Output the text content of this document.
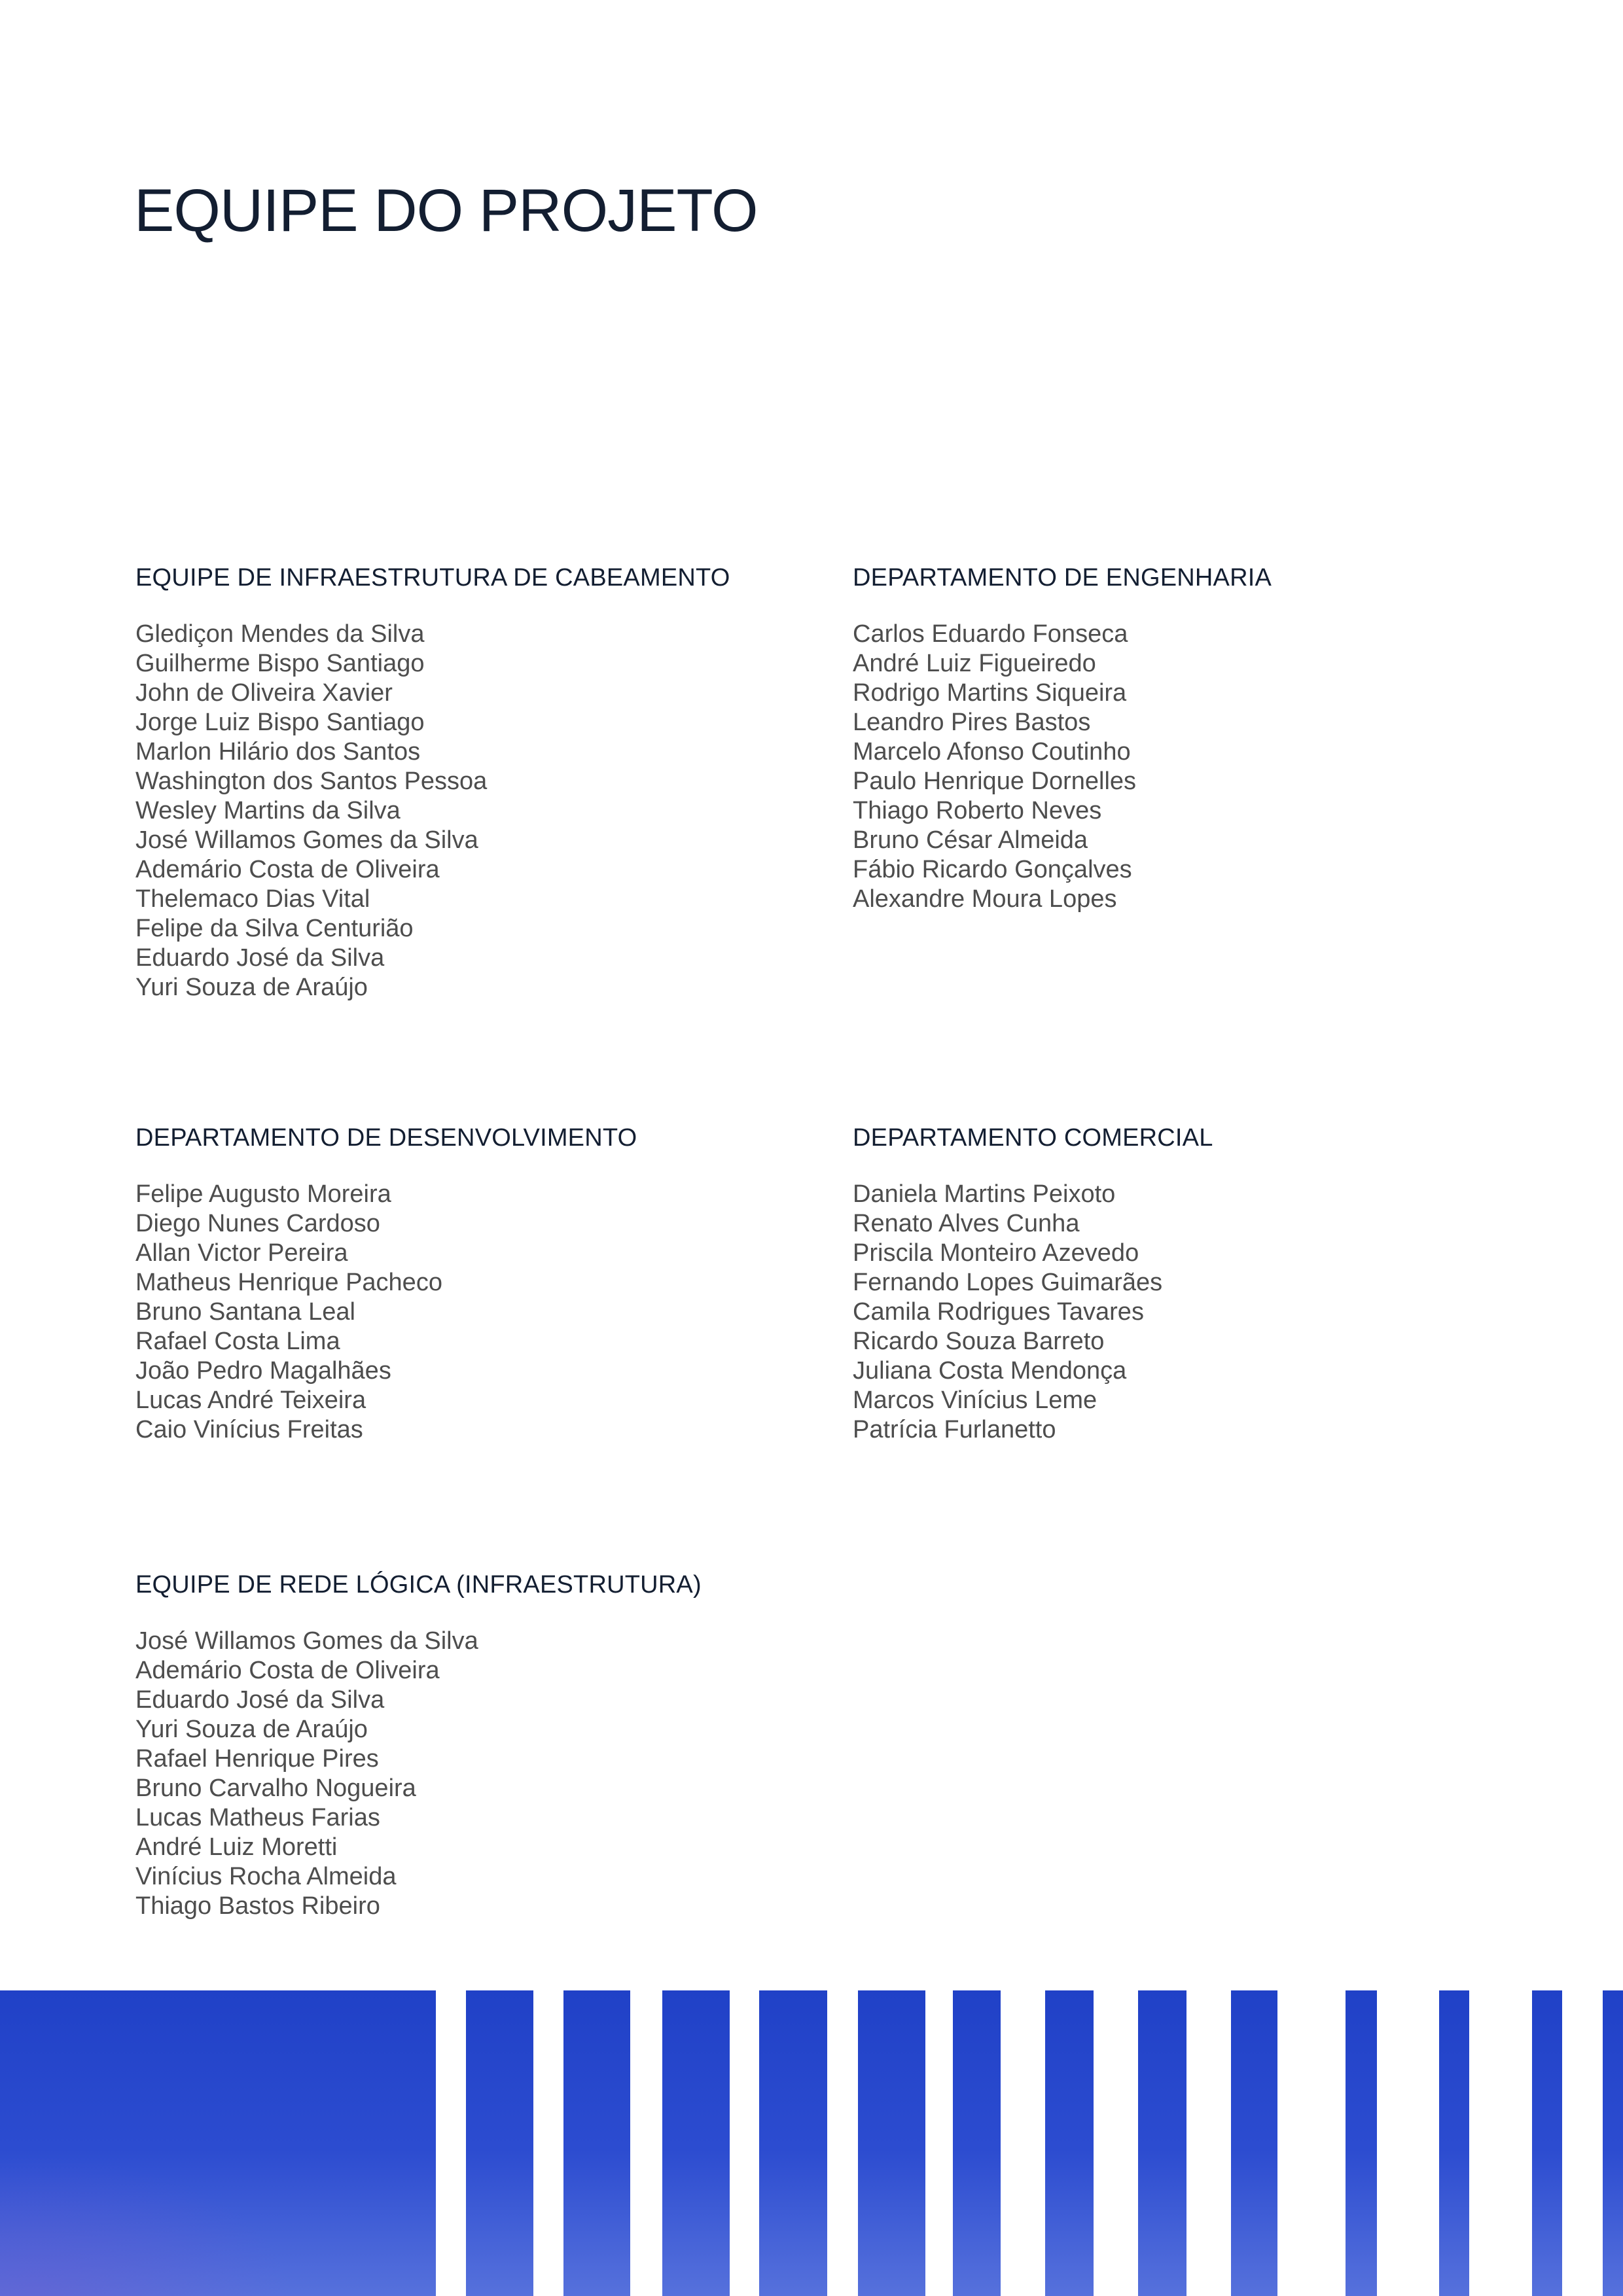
EQUIPE DO PROJETO
EQUIPE DE INFRAESTRUTURA DE CABEAMENTO
Glediçon Mendes da Silva
Guilherme Bispo Santiago
John de Oliveira Xavier
Jorge Luiz Bispo Santiago
Marlon Hilário dos Santos
Washington dos Santos Pessoa
Wesley Martins da Silva
José Willamos Gomes da Silva
Ademário Costa de Oliveira
Thelemaco Dias Vital
Felipe da Silva Centurião
Eduardo José da Silva
Yuri Souza de Araújo
DEPARTAMENTO DE ENGENHARIA
Carlos Eduardo Fonseca
André Luiz Figueiredo
Rodrigo Martins Siqueira
Leandro Pires Bastos
Marcelo Afonso Coutinho
Paulo Henrique Dornelles
Thiago Roberto Neves
Bruno César Almeida
Fábio Ricardo Gonçalves
Alexandre Moura Lopes
DEPARTAMENTO DE DESENVOLVIMENTO
Felipe Augusto Moreira
Diego Nunes Cardoso
Allan Victor Pereira
Matheus Henrique Pacheco
Bruno Santana Leal
Rafael Costa Lima
João Pedro Magalhães
Lucas André Teixeira
Caio Vinícius Freitas
DEPARTAMENTO COMERCIAL
Daniela Martins Peixoto
Renato Alves Cunha
Priscila Monteiro Azevedo
Fernando Lopes Guimarães
Camila Rodrigues Tavares
Ricardo Souza Barreto
Juliana Costa Mendonça
Marcos Vinícius Leme
Patrícia Furlanetto
EQUIPE DE REDE LÓGICA (INFRAESTRUTURA)
José Willamos Gomes da Silva
Ademário Costa de Oliveira
Eduardo José da Silva
Yuri Souza de Araújo
Rafael Henrique Pires
Bruno Carvalho Nogueira
Lucas Matheus Farias
André Luiz Moretti
Vinícius Rocha Almeida
Thiago Bastos Ribeiro
